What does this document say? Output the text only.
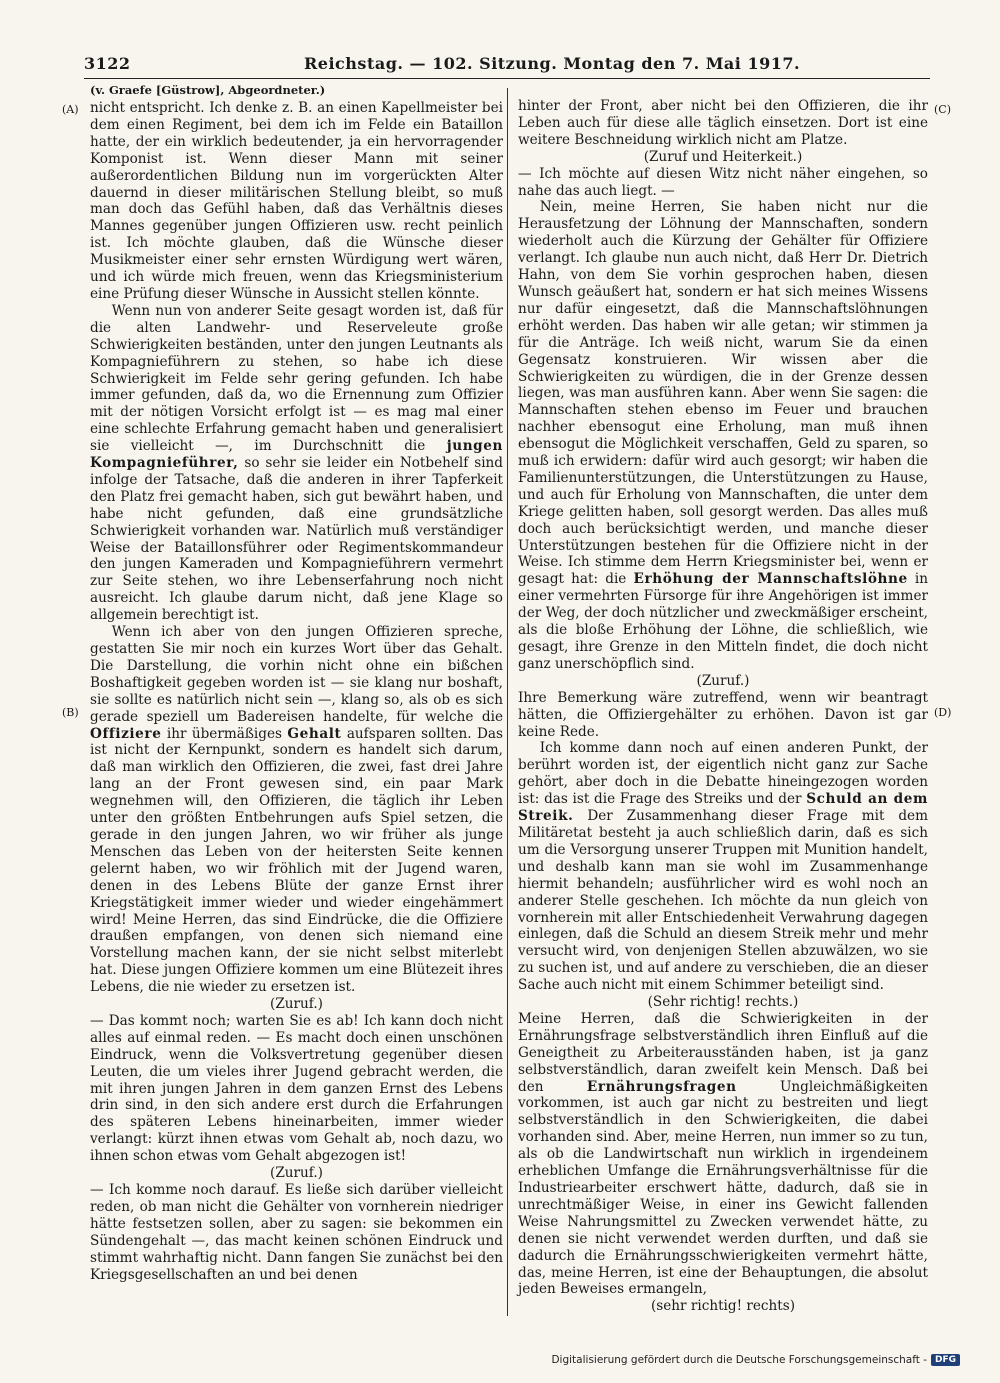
3122	Reichstag. — 102. Sitzung. Montag den 7. Mai 1917.
(v. Graefe [Güstrow], Abgeordneter.)
(A)
(B)
(C)
(D)

nicht entspricht. Ich denke z. B. an einen Kapellmeister bei dem einen Regiment, bei dem ich im Felde ein Bataillon hatte, der ein wirklich bedeutender, ja ein hervorragender Komponist ist. Wenn dieser Mann mit seiner außerordentlichen Bildung nun im vorgerückten Alter dauernd in dieser militärischen Stellung bleibt, so muß man doch das Gefühl haben, daß das Verhältnis dieses Mannes gegenüber jungen Offizieren usw. recht peinlich ist. Ich möchte glauben, daß die Wünsche dieser Musikmeister einer sehr ernsten Würdigung wert wären, und ich würde mich freuen, wenn das Kriegsministerium eine Prüfung dieser Wünsche in Aussicht stellen könnte.

Wenn nun von anderer Seite gesagt worden ist, daß für die alten Landwehr- und Reserveleute große Schwierigkeiten beständen, unter den jungen Leutnants als Kompagnieführern zu stehen, so habe ich diese Schwierigkeit im Felde sehr gering gefunden. Ich habe immer gefunden, daß da, wo die Ernennung zum Offizier mit der nötigen Vorsicht erfolgt ist — es mag mal einer eine schlechte Erfahrung gemacht haben und generalisiert sie vielleicht —, im Durchschnitt die jungen Kompagnieführer, so sehr sie leider ein Notbehelf sind infolge der Tatsache, daß die anderen in ihrer Tapferkeit den Platz frei gemacht haben, sich gut bewährt haben, und habe nicht gefunden, daß eine grundsätzliche Schwierigkeit vorhanden war. Natürlich muß verständiger Weise der Bataillonsführer oder Regimentskommandeur den jungen Kameraden und Kompagnieführern vermehrt zur Seite stehen, wo ihre Lebenserfahrung noch nicht ausreicht. Ich glaube darum nicht, daß jene Klage so allgemein berechtigt ist.

Wenn ich aber von den jungen Offizieren spreche, gestatten Sie mir noch ein kurzes Wort über das Gehalt. Die Darstellung, die vorhin nicht ohne ein bißchen Boshaftigkeit gegeben worden ist — sie klang nur boshaft, sie sollte es natürlich nicht sein —, klang so, als ob es sich gerade speziell um Badereisen handelte, für welche die Offiziere ihr übermäßiges Gehalt aufsparen sollten. Das ist nicht der Kernpunkt, sondern es handelt sich darum, daß man wirklich den Offizieren, die zwei, fast drei Jahre lang an der Front gewesen sind, ein paar Mark wegnehmen will, den Offizieren, die täglich ihr Leben unter den größten Entbehrungen aufs Spiel setzen, die gerade in den jungen Jahren, wo wir früher als junge Menschen das Leben von der heitersten Seite kennen gelernt haben, wo wir fröhlich mit der Jugend waren, denen in des Lebens Blüte der ganze Ernst ihrer Kriegstätigkeit immer wieder und wieder eingehämmert wird! Meine Herren, das sind Eindrücke, die die Offiziere draußen empfangen, von denen sich niemand eine Vorstellung machen kann, der sie nicht selbst miterlebt hat. Diese jungen Offiziere kommen um eine Blütezeit ihres Lebens, die nie wieder zu ersetzen ist.

(Zuruf.)

— Das kommt noch; warten Sie es ab! Ich kann doch nicht alles auf einmal reden. — Es macht doch einen unschönen Eindruck, wenn die Volksvertretung gegenüber diesen Leuten, die um vieles ihrer Jugend gebracht werden, die mit ihren jungen Jahren in dem ganzen Ernst des Lebens drin sind, in den sich andere erst durch die Erfahrungen des späteren Lebens hineinarbeiten, immer wieder verlangt: kürzt ihnen etwas vom Gehalt ab, noch dazu, wo ihnen schon etwas vom Gehalt abgezogen ist!

(Zuruf.)

— Ich komme noch darauf. Es ließe sich darüber vielleicht reden, ob man nicht die Gehälter von vornherein niedriger hätte festsetzen sollen, aber zu sagen: sie bekommen ein Sündengehalt —, das macht keinen schönen Eindruck und stimmt wahrhaftig nicht. Dann fangen Sie zunächst bei den Kriegsgesellschaften an und bei denen

hinter der Front, aber nicht bei den Offizieren, die ihr Leben auch für diese alle täglich einsetzen. Dort ist eine weitere Beschneidung wirklich nicht am Platze.

(Zuruf und Heiterkeit.)

— Ich möchte auf diesen Witz nicht näher eingehen, so nahe das auch liegt. —

Nein, meine Herren, Sie haben nicht nur die Herausfetzung der Löhnung der Mannschaften, sondern wiederholt auch die Kürzung der Gehälter für Offiziere verlangt. Ich glaube nun auch nicht, daß Herr Dr. Dietrich Hahn, von dem Sie vorhin gesprochen haben, diesen Wunsch geäußert hat, sondern er hat sich meines Wissens nur dafür eingesetzt, daß die Mannschaftslöhnungen erhöht werden. Das haben wir alle getan; wir stimmen ja für die Anträge. Ich weiß nicht, warum Sie da einen Gegensatz konstruieren. Wir wissen aber die Schwierigkeiten zu würdigen, die in der Grenze dessen liegen, was man ausführen kann. Aber wenn Sie sagen: die Mannschaften stehen ebenso im Feuer und brauchen nachher ebensogut eine Erholung, man muß ihnen ebensogut die Möglichkeit verschaffen, Geld zu sparen, so muß ich erwidern: dafür wird auch gesorgt; wir haben die Familienunterstützungen, die Unterstützungen zu Hause, und auch für Erholung von Mannschaften, die unter dem Kriege gelitten haben, soll gesorgt werden. Das alles muß doch auch berücksichtigt werden, und manche dieser Unterstützungen bestehen für die Offiziere nicht in der Weise. Ich stimme dem Herrn Kriegsminister bei, wenn er gesagt hat: die Erhöhung der Mannschaftslöhne in einer vermehrten Fürsorge für ihre Angehörigen ist immer der Weg, der doch nützlicher und zweckmäßiger erscheint, als die bloße Erhöhung der Löhne, die schließlich, wie gesagt, ihre Grenze in den Mitteln findet, die doch nicht ganz unerschöpflich sind.

(Zuruf.)

Ihre Bemerkung wäre zutreffend, wenn wir beantragt hätten, die Offiziergehälter zu erhöhen. Davon ist gar keine Rede.

Ich komme dann noch auf einen anderen Punkt, der berührt worden ist, der eigentlich nicht ganz zur Sache gehört, aber doch in die Debatte hineingezogen worden ist: das ist die Frage des Streiks und der Schuld an dem Streik. Der Zusammenhang dieser Frage mit dem Militäretat besteht ja auch schließlich darin, daß es sich um die Versorgung unserer Truppen mit Munition handelt, und deshalb kann man sie wohl im Zusammenhange hiermit behandeln; ausführlicher wird es wohl noch an anderer Stelle geschehen. Ich möchte da nun gleich von vornherein mit aller Entschiedenheit Verwahrung dagegen einlegen, daß die Schuld an diesem Streik mehr und mehr versucht wird, von denjenigen Stellen abzuwälzen, wo sie zu suchen ist, und auf andere zu verschieben, die an dieser Sache auch nicht mit einem Schimmer beteiligt sind.

(Sehr richtig! rechts.)

Meine Herren, daß die Schwierigkeiten in der Ernährungsfrage selbstverständlich ihren Einfluß auf die Geneigtheit zu Arbeiterausständen haben, ist ja ganz selbstverständlich, daran zweifelt kein Mensch. Daß bei den	Ernährungsfragen	Ungleichmäßigkeiten vorkommen, ist auch gar nicht zu bestreiten und liegt selbstverständlich in den Schwierigkeiten, die dabei vorhanden sind. Aber, meine Herren, nun immer so zu tun, als ob die Landwirtschaft nun wirklich in irgendeinem erheblichen Umfange die Ernährungsverhältnisse für die Industriearbeiter erschwert hätte, dadurch, daß sie in unrechtmäßiger Weise, in einer ins Gewicht fallenden Weise Nahrungsmittel zu Zwecken verwendet hätte, zu denen sie nicht verwendet werden durften, und daß sie dadurch die Ernährungsschwierigkeiten vermehrt hätte, das, meine Herren, ist eine der Behauptungen, die absolut jeden Beweises ermangeln,

(sehr richtig! rechts)

Digitalisierung gefördert durch die Deutsche Forschungsgemeinschaft - DFG
